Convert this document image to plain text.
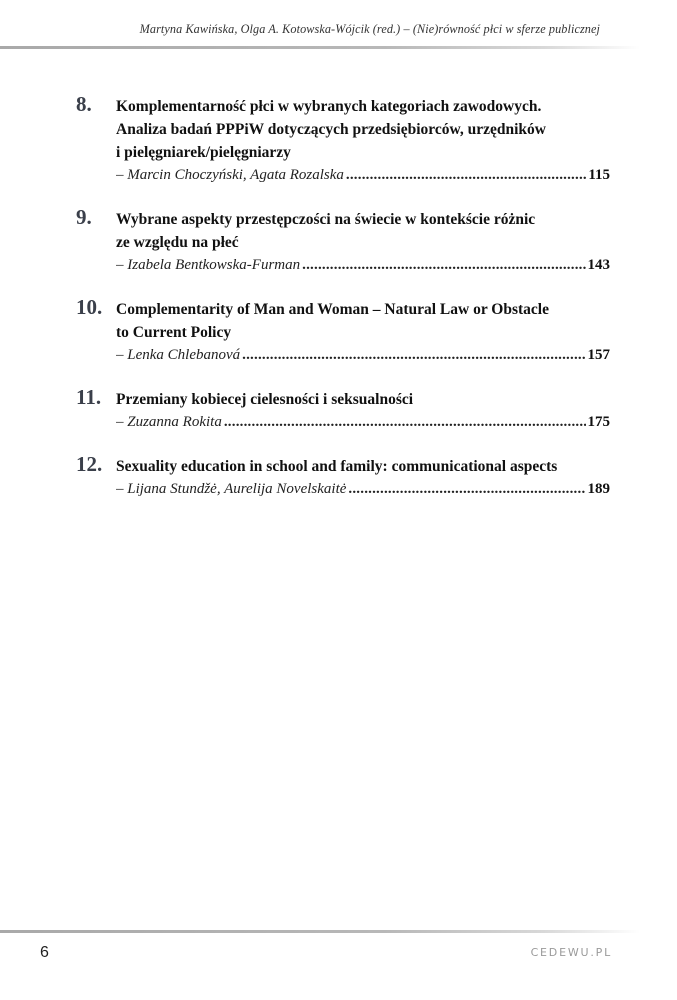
Martyna Kawińska, Olga A. Kotowska-Wójcik (red.) – (Nie)równość płci w sferze publicznej
8.	Komplementarność płci w wybranych kategoriach zawodowych.
Analiza badań PPPiW dotyczących przedsiębiorców, urzędników
i pielęgniarek/pielęgniarzy
– Marcin Choczyński, Agata Rozalska .....	115
9.	Wybrane aspekty przestępczości na świecie w kontekście różnic
ze względu na płeć
– Izabela Bentkowska-Furman .....	143
10. Complementarity of Man and Woman – Natural Law or Obstacle
to Current Policy
– Lenka Chlebanová .....	157
11. Przemiany kobiecej cielesności i seksualności
– Zuzanna Rokita .....	175
12. Sexuality education in school and family: communicational aspects
– Lijana Stundžė, Aurelija Novelskaitė .....	189
6	CEDEWU.PL
